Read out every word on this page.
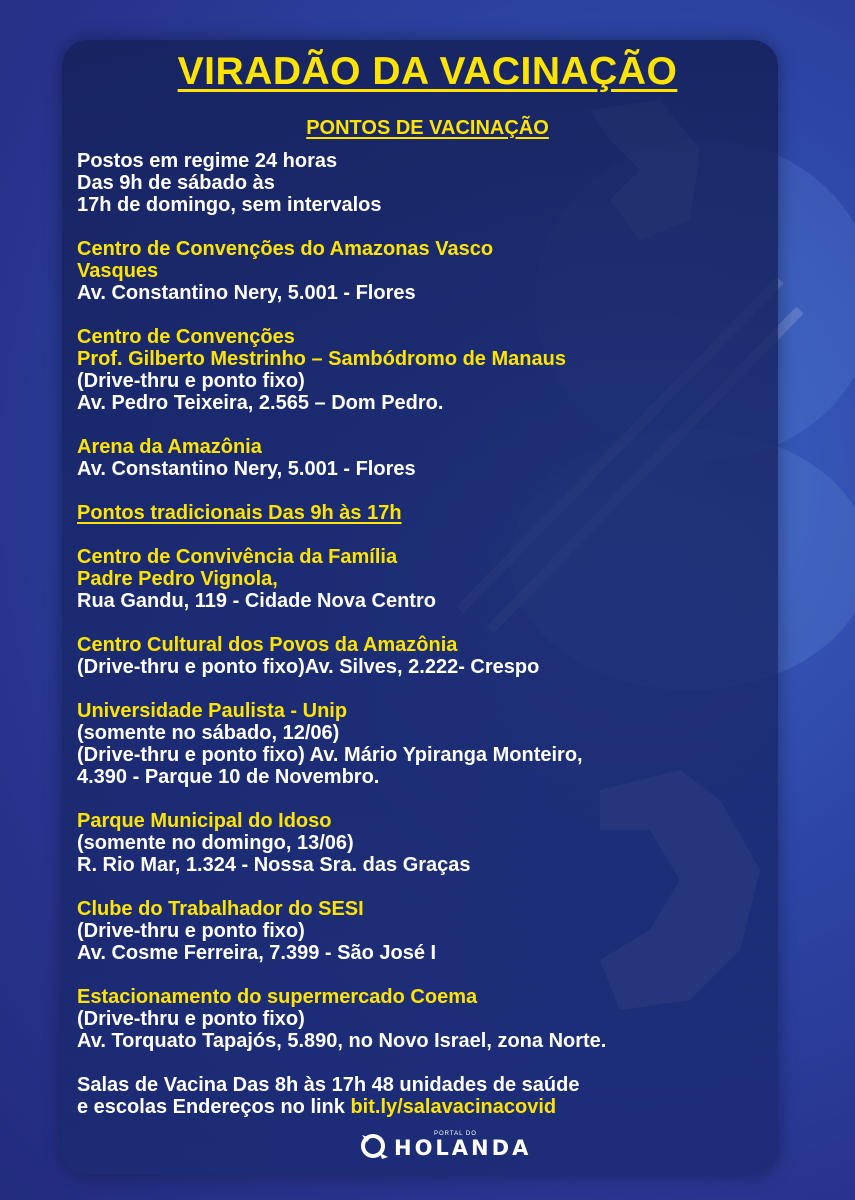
VIRADÃO DA VACINAÇÃO
PONTOS DE VACINAÇÃO
Postos em regime 24 horas
Das 9h de sábado às
17h de domingo, sem intervalos
Centro de Convenções do Amazonas Vasco
Vasques
Av. Constantino Nery, 5.001 - Flores
Centro de Convenções
Prof. Gilberto Mestrinho – Sambódromo de Manaus
(Drive-thru e ponto fixo)
Av. Pedro Teixeira, 2.565 – Dom Pedro.
Arena da Amazônia
Av. Constantino Nery, 5.001 - Flores
Pontos tradicionais Das 9h às 17h
Centro de Convivência da Família
Padre Pedro Vignola,
Rua Gandu, 119 - Cidade Nova Centro
Centro Cultural dos Povos da Amazônia
(Drive-thru e ponto fixo)Av. Silves, 2.222- Crespo
Universidade Paulista - Unip
(somente no sábado, 12/06)
(Drive-thru e ponto fixo) Av. Mário Ypiranga Monteiro,
4.390 - Parque 10 de Novembro.
Parque Municipal do Idoso
(somente no domingo, 13/06)
R. Rio Mar, 1.324 - Nossa Sra. das Graças
Clube do Trabalhador do SESI
(Drive-thru e ponto fixo)
Av. Cosme Ferreira, 7.399 - São José I
Estacionamento do supermercado Coema
(Drive-thru e ponto fixo)
Av. Torquato Tapajós, 5.890, no Novo Israel, zona Norte.
Salas de Vacina Das 8h às 17h 48 unidades de saúde
e escolas Endereços no link bit.ly/salavacinacovid
PORTAL DO
HOLANDA
